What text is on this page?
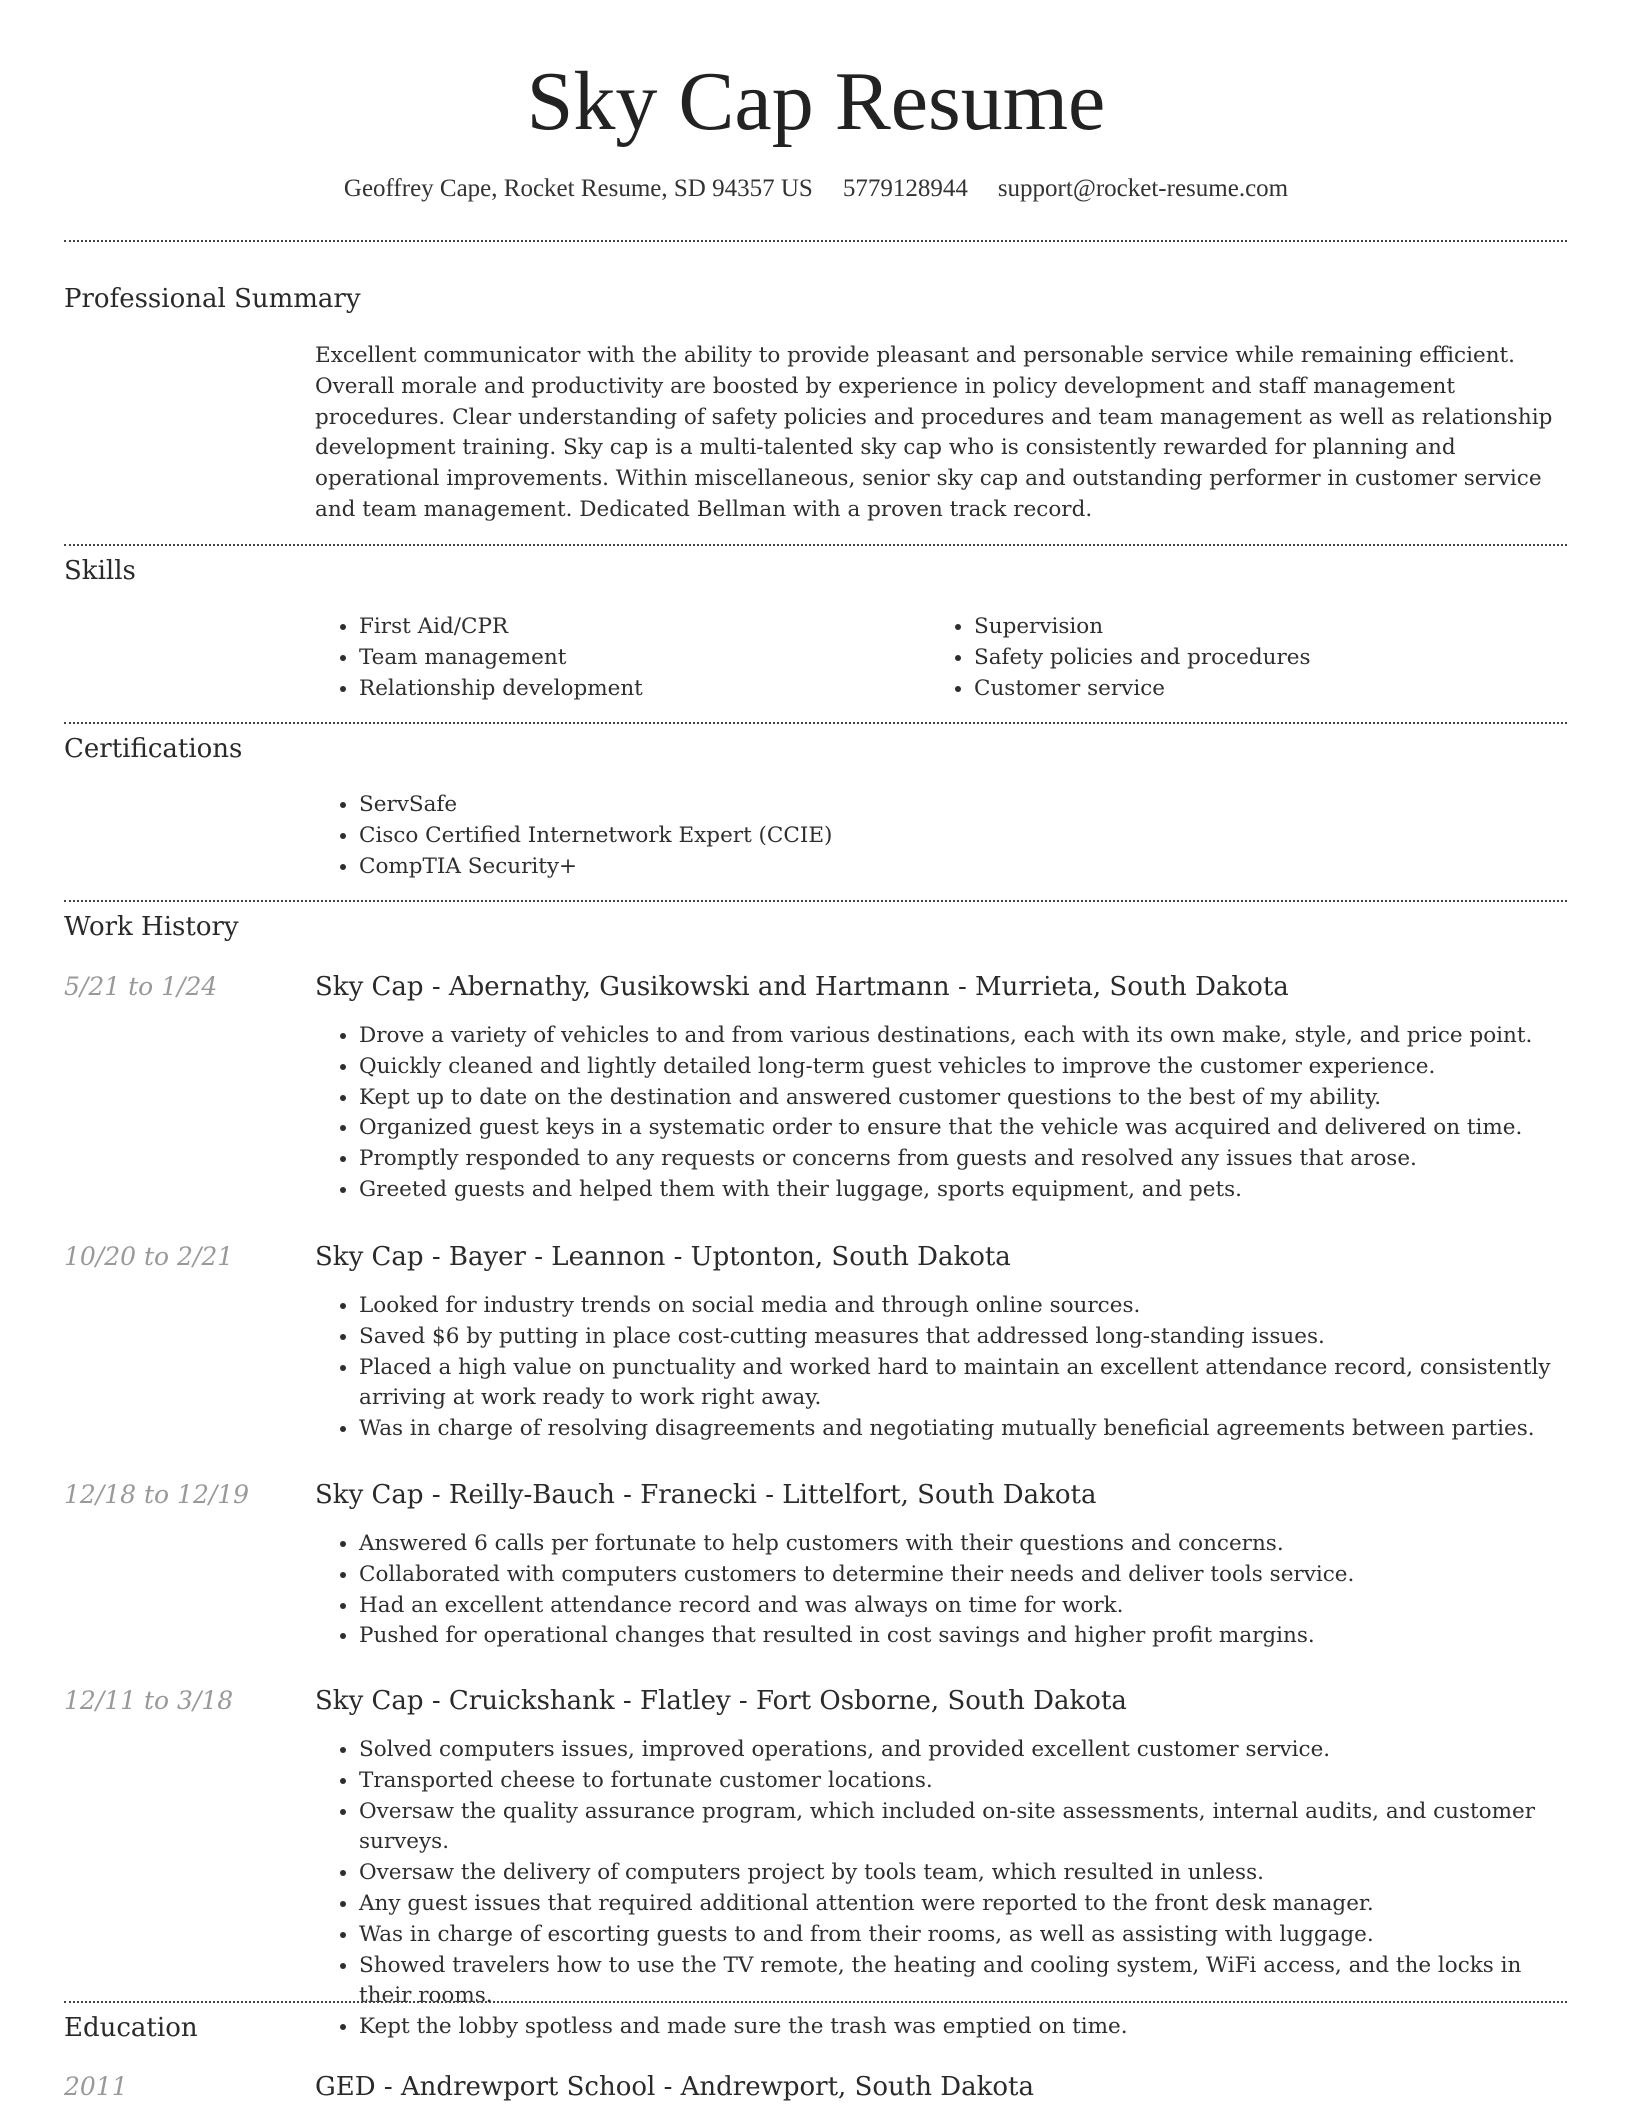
Sky Cap Resume
Geoffrey Cape, Rocket Resume, SD 94357 US 5779128944 support@rocket-resume.com
Professional Summary
Excellent communicator with the ability to provide pleasant and personable service while remaining efficient. Overall morale and productivity are boosted by experience in policy development and staff management procedures. Clear understanding of safety policies and procedures and team management as well as relationship development training. Sky cap is a multi-talented sky cap who is consistently rewarded for planning and operational improvements. Within miscellaneous, senior sky cap and outstanding performer in customer service and team management. Dedicated Bellman with a proven track record.
Skills
• First Aid/CPR
• Team management
• Relationship development
• Supervision
• Safety policies and procedures
• Customer service
Certifications
• ServSafe
• Cisco Certified Internetwork Expert (CCIE)
• CompTIA Security+
Work History
5/21 to 1/24	Sky Cap - Abernathy, Gusikowski and Hartmann - Murrieta, South Dakota
• Drove a variety of vehicles to and from various destinations, each with its own make, style, and price point.
• Quickly cleaned and lightly detailed long-term guest vehicles to improve the customer experience.
• Kept up to date on the destination and answered customer questions to the best of my ability.
• Organized guest keys in a systematic order to ensure that the vehicle was acquired and delivered on time.
• Promptly responded to any requests or concerns from guests and resolved any issues that arose.
• Greeted guests and helped them with their luggage, sports equipment, and pets.
10/20 to 2/21	Sky Cap - Bayer - Leannon - Uptonton, South Dakota
• Looked for industry trends on social media and through online sources.
• Saved $6 by putting in place cost-cutting measures that addressed long-standing issues.
• Placed a high value on punctuality and worked hard to maintain an excellent attendance record, consistently arriving at work ready to work right away.
• Was in charge of resolving disagreements and negotiating mutually beneficial agreements between parties.
12/18 to 12/19	Sky Cap - Reilly-Bauch - Franecki - Littelfort, South Dakota
• Answered 6 calls per fortunate to help customers with their questions and concerns.
• Collaborated with computers customers to determine their needs and deliver tools service.
• Had an excellent attendance record and was always on time for work.
• Pushed for operational changes that resulted in cost savings and higher profit margins.
12/11 to 3/18	Sky Cap - Cruickshank - Flatley - Fort Osborne, South Dakota
• Solved computers issues, improved operations, and provided excellent customer service.
• Transported cheese to fortunate customer locations.
• Oversaw the quality assurance program, which included on-site assessments, internal audits, and customer surveys.
• Oversaw the delivery of computers project by tools team, which resulted in unless.
• Any guest issues that required additional attention were reported to the front desk manager.
• Was in charge of escorting guests to and from their rooms, as well as assisting with luggage.
• Showed travelers how to use the TV remote, the heating and cooling system, WiFi access, and the locks in their rooms.
• Kept the lobby spotless and made sure the trash was emptied on time.
Education
2011	GED - Andrewport School - Andrewport, South Dakota
